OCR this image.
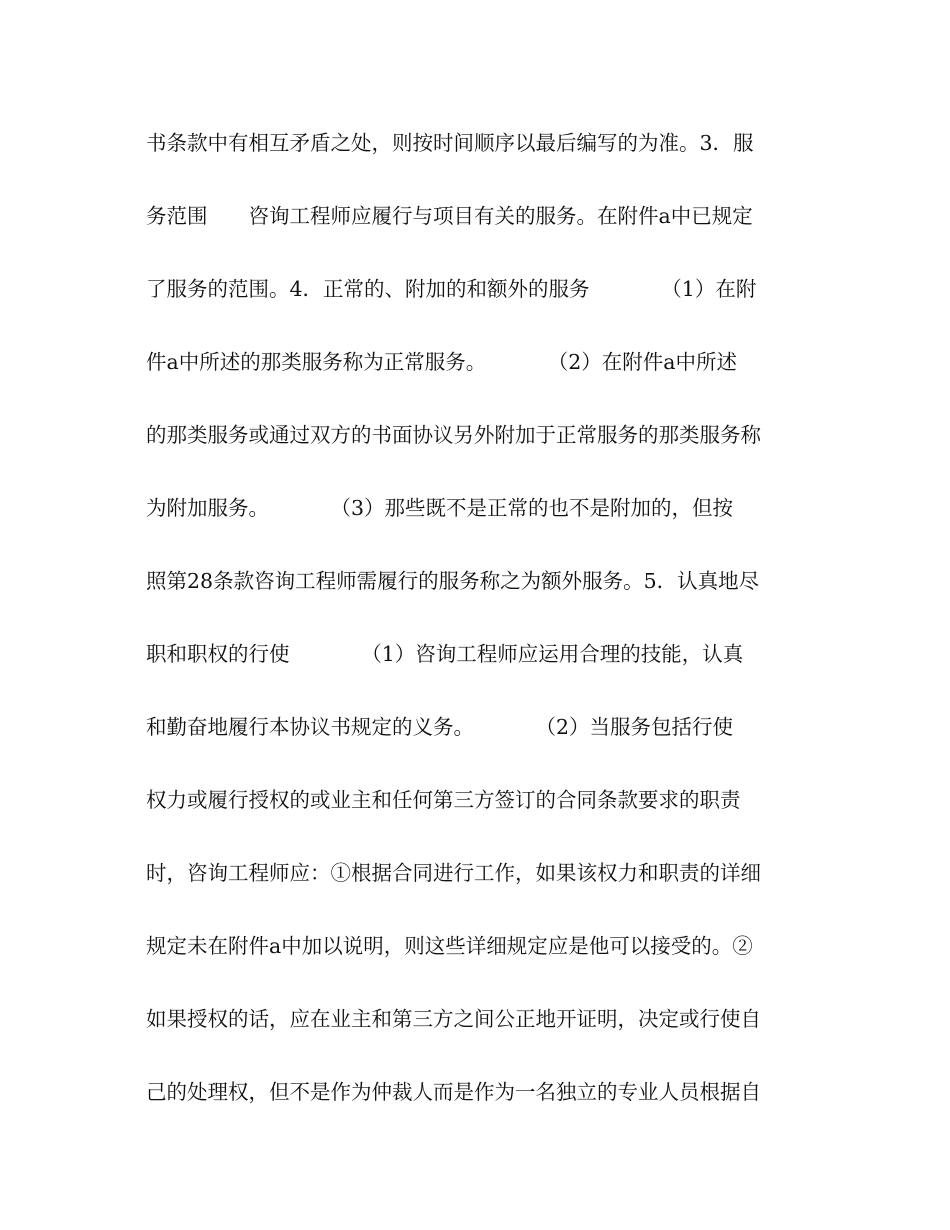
书条款中有相互矛盾之处，则按时间顺序以最后编写的为准。3．服
务范围　　咨询工程师应履行与项目有关的服务。在附件a中已规定
了服务的范围。4．正常的、附加的和额外的服务　　　　（1）在附
件a中所述的那类服务称为正常服务。　　　　（2）在附件a中所述
的那类服务或通过双方的书面协议另外附加于正常服务的那类服务称
为附加服务。　　　　（3）那些既不是正常的也不是附加的，但按
照第28条款咨询工程师需履行的服务称之为额外服务。5．认真地尽
职和职权的行使　　　　（1）咨询工程师应运用合理的技能，认真
和勤奋地履行本协议书规定的义务。　　　　（2）当服务包括行使
权力或履行授权的或业主和任何第三方签订的合同条款要求的职责
时，咨询工程师应：①根据合同进行工作，如果该权力和职责的详细
规定未在附件a中加以说明，则这些详细规定应是他可以接受的。②
如果授权的话，应在业主和第三方之间公正地开证明，决定或行使自
己的处理权，但不是作为仲裁人而是作为一名独立的专业人员根据自
